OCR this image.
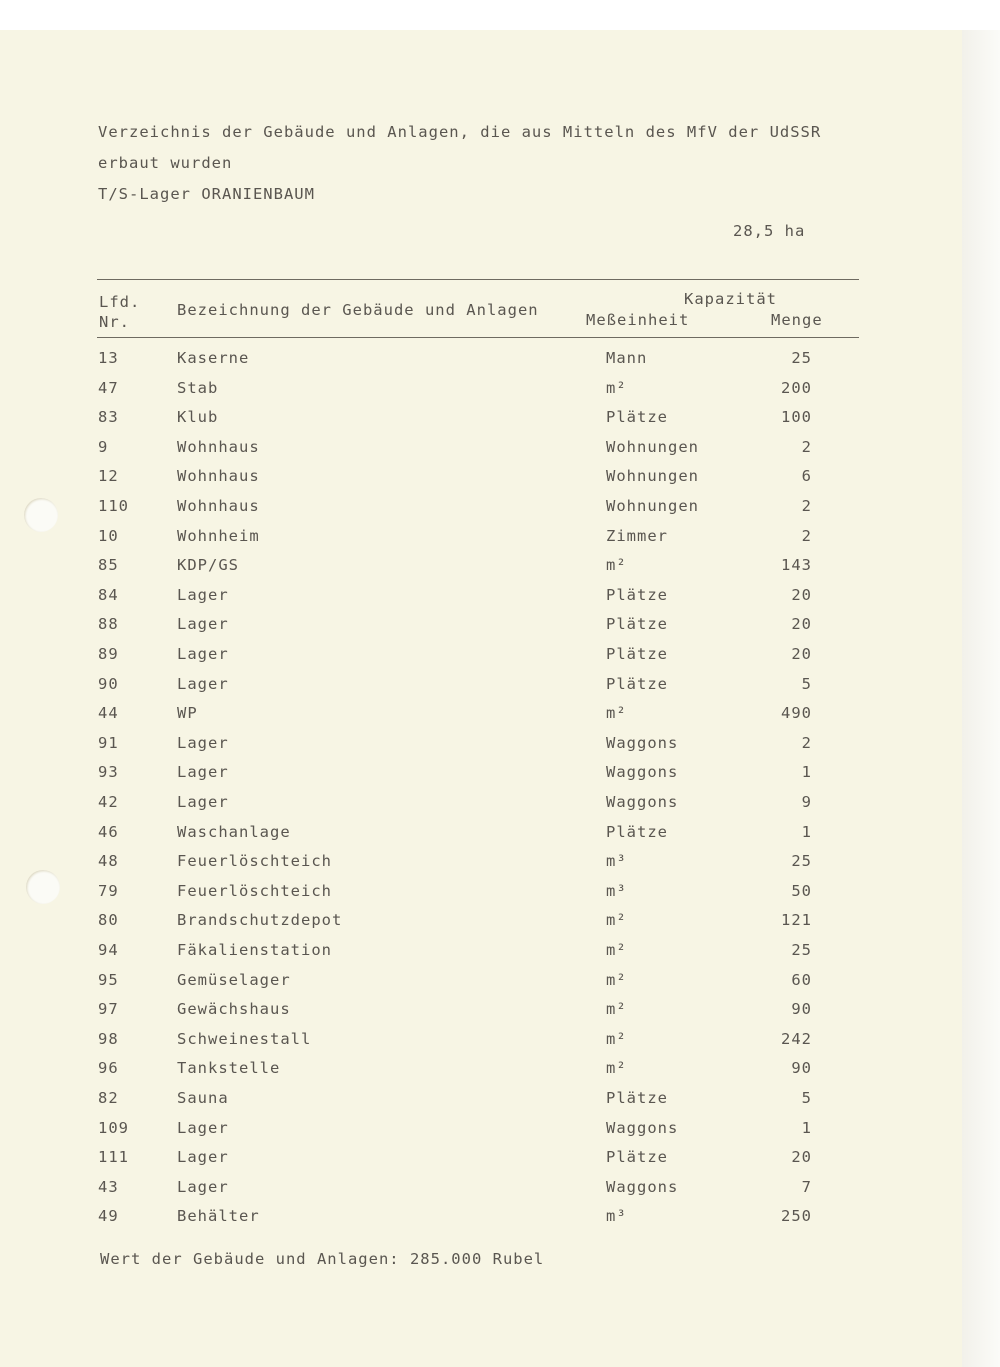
Verzeichnis der Gebäude und Anlagen, die aus Mitteln des MfV der UdSSR
erbaut wurden
T/S-Lager ORANIENBAUM
28,5 ha
Lfd.
Nr.
Bezeichnung der Gebäude und Anlagen
Kapazität
Meßeinheit	Menge
13	Kaserne	Mann	25
47	Stab	m²	200
83	Klub	Plätze	100
9	Wohnhaus	Wohnungen	2
12	Wohnhaus	Wohnungen	6
110	Wohnhaus	Wohnungen	2
10	Wohnheim	Zimmer	2
85	KDP/GS	m²	143
84	Lager	Plätze	20
88	Lager	Plätze	20
89	Lager	Plätze	20
90	Lager	Plätze	5
44	WP	m²	490
91	Lager	Waggons	2
93	Lager	Waggons	1
42	Lager	Waggons	9
46	Waschanlage	Plätze	1
48	Feuerlöschteich	m³	25
79	Feuerlöschteich	m³	50
80	Brandschutzdepot	m²	121
94	Fäkalienstation	m²	25
95	Gemüselager	m²	60
97	Gewächshaus	m²	90
98	Schweinestall	m²	242
96	Tankstelle	m²	90
82	Sauna	Plätze	5
109	Lager	Waggons	1
111	Lager	Plätze	20
43	Lager	Waggons	7
49	Behälter	m³	250
Wert der Gebäude und Anlagen: 285.000 Rubel
